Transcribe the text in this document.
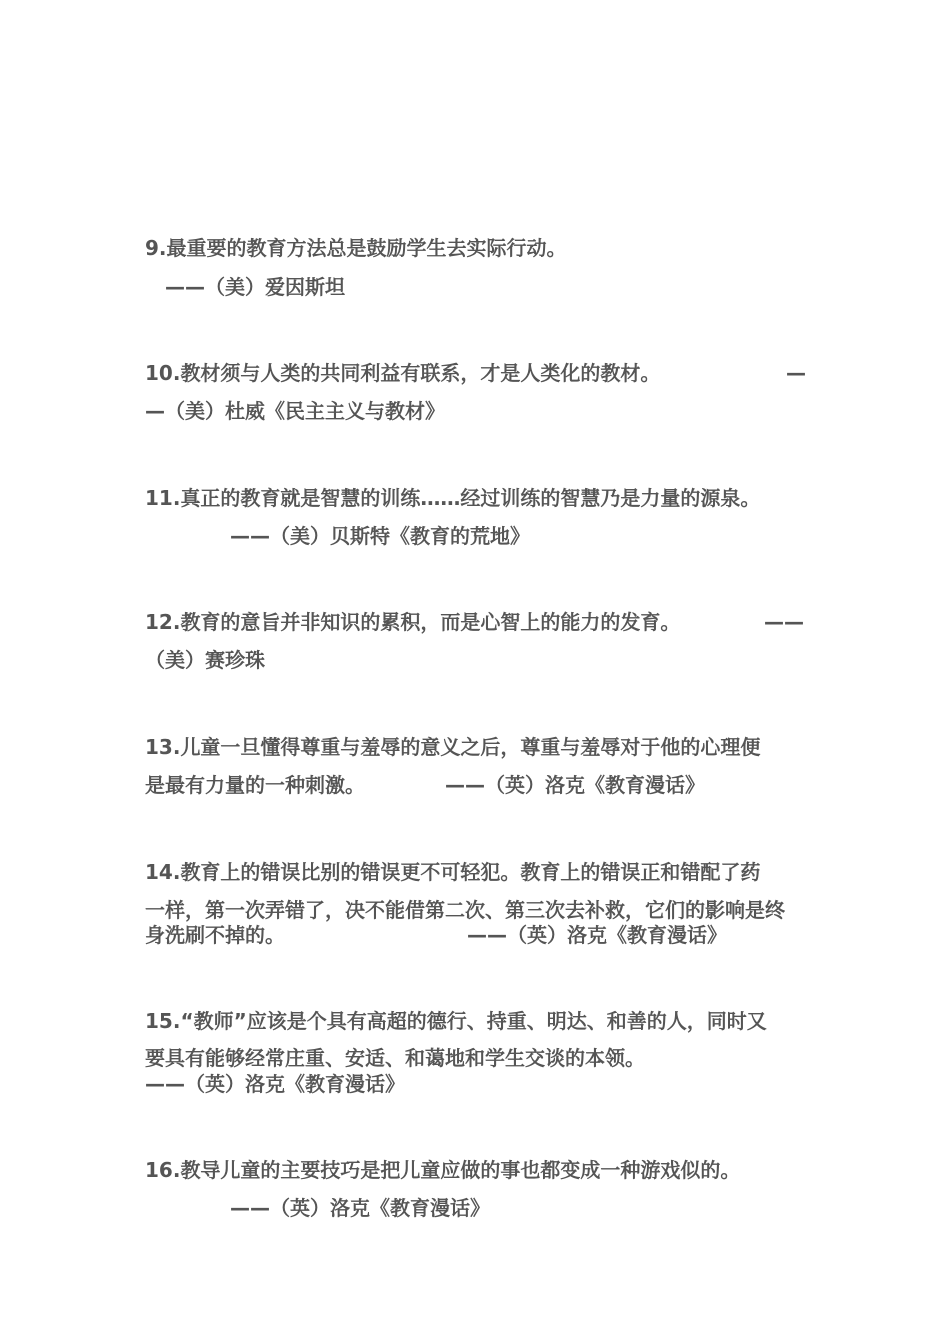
9.最重要的教育方法总是鼓励学生去实际行动。
——（美）爱因斯坦
10.教材须与人类的共同利益有联系，才是人类化的教材。	—
—（美）杜威《民主主义与教材》
11.真正的教育就是智慧的训练……经过训练的智慧乃是力量的源泉。
——（美）贝斯特《教育的荒地》
12.教育的意旨并非知识的累积，而是心智上的能力的发育。	——
（美）赛珍珠
13.儿童一旦懂得尊重与羞辱的意义之后，尊重与羞辱对于他的心理便
是最有力量的一种刺激。	——（英）洛克《教育漫话》
14.教育上的错误比别的错误更不可轻犯。教育上的错误正和错配了药
一样，第一次弄错了，决不能借第二次、第三次去补救，它们的影响是终
身洗刷不掉的。	——（英）洛克《教育漫话》
15.“教师”应该是个具有高超的德行、持重、明达、和善的人，同时又
要具有能够经常庄重、安适、和蔼地和学生交谈的本领。
——（英）洛克《教育漫话》
16.教导儿童的主要技巧是把儿童应做的事也都变成一种游戏似的。
——（英）洛克《教育漫话》
